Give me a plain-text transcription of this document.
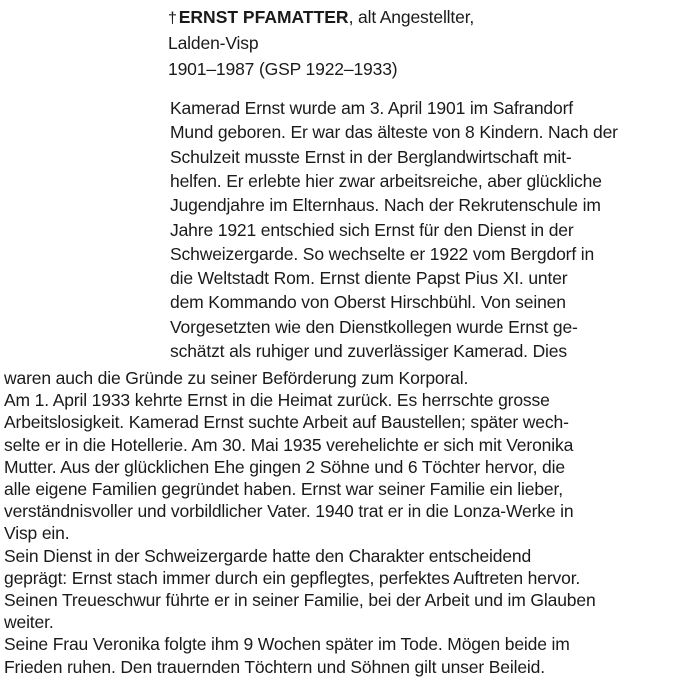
† ERNST PFAMATTER, alt Angestellter,
Lalden-Visp
1901–1987 (GSP 1922–1933)
Kamerad Ernst wurde am 3. April 1901 im Safrandorf
Mund geboren. Er war das älteste von 8 Kindern. Nach der
Schulzeit musste Ernst in der Berglandwirtschaft mit-
helfen. Er erlebte hier zwar arbeitsreiche, aber glückliche
Jugendjahre im Elternhaus. Nach der Rekrutenschule im
Jahre 1921 entschied sich Ernst für den Dienst in der
Schweizergarde. So wechselte er 1922 vom Bergdorf in
die Weltstadt Rom. Ernst diente Papst Pius XI. unter
dem Kommando von Oberst Hirschbühl. Von seinen
Vorgesetzten wie den Dienstkollegen wurde Ernst ge-
schätzt als ruhiger und zuverlässiger Kamerad. Dies
waren auch die Gründe zu seiner Beförderung zum Korporal.
Am 1. April 1933 kehrte Ernst in die Heimat zurück. Es herrschte grosse
Arbeitslosigkeit. Kamerad Ernst suchte Arbeit auf Baustellen; später wech-
selte er in die Hotellerie. Am 30. Mai 1935 verehelichte er sich mit Veronika
Mutter. Aus der glücklichen Ehe gingen 2 Söhne und 6 Töchter hervor, die
alle eigene Familien gegründet haben. Ernst war seiner Familie ein lieber,
verständnisvoller und vorbildlicher Vater. 1940 trat er in die Lonza-Werke in
Visp ein.
Sein Dienst in der Schweizergarde hatte den Charakter entscheidend
geprägt: Ernst stach immer durch ein gepflegtes, perfektes Auftreten hervor.
Seinen Treueschwur führte er in seiner Familie, bei der Arbeit und im Glauben
weiter.
Seine Frau Veronika folgte ihm 9 Wochen später im Tode. Mögen beide im
Frieden ruhen. Den trauernden Töchtern und Söhnen gilt unser Beileid.
